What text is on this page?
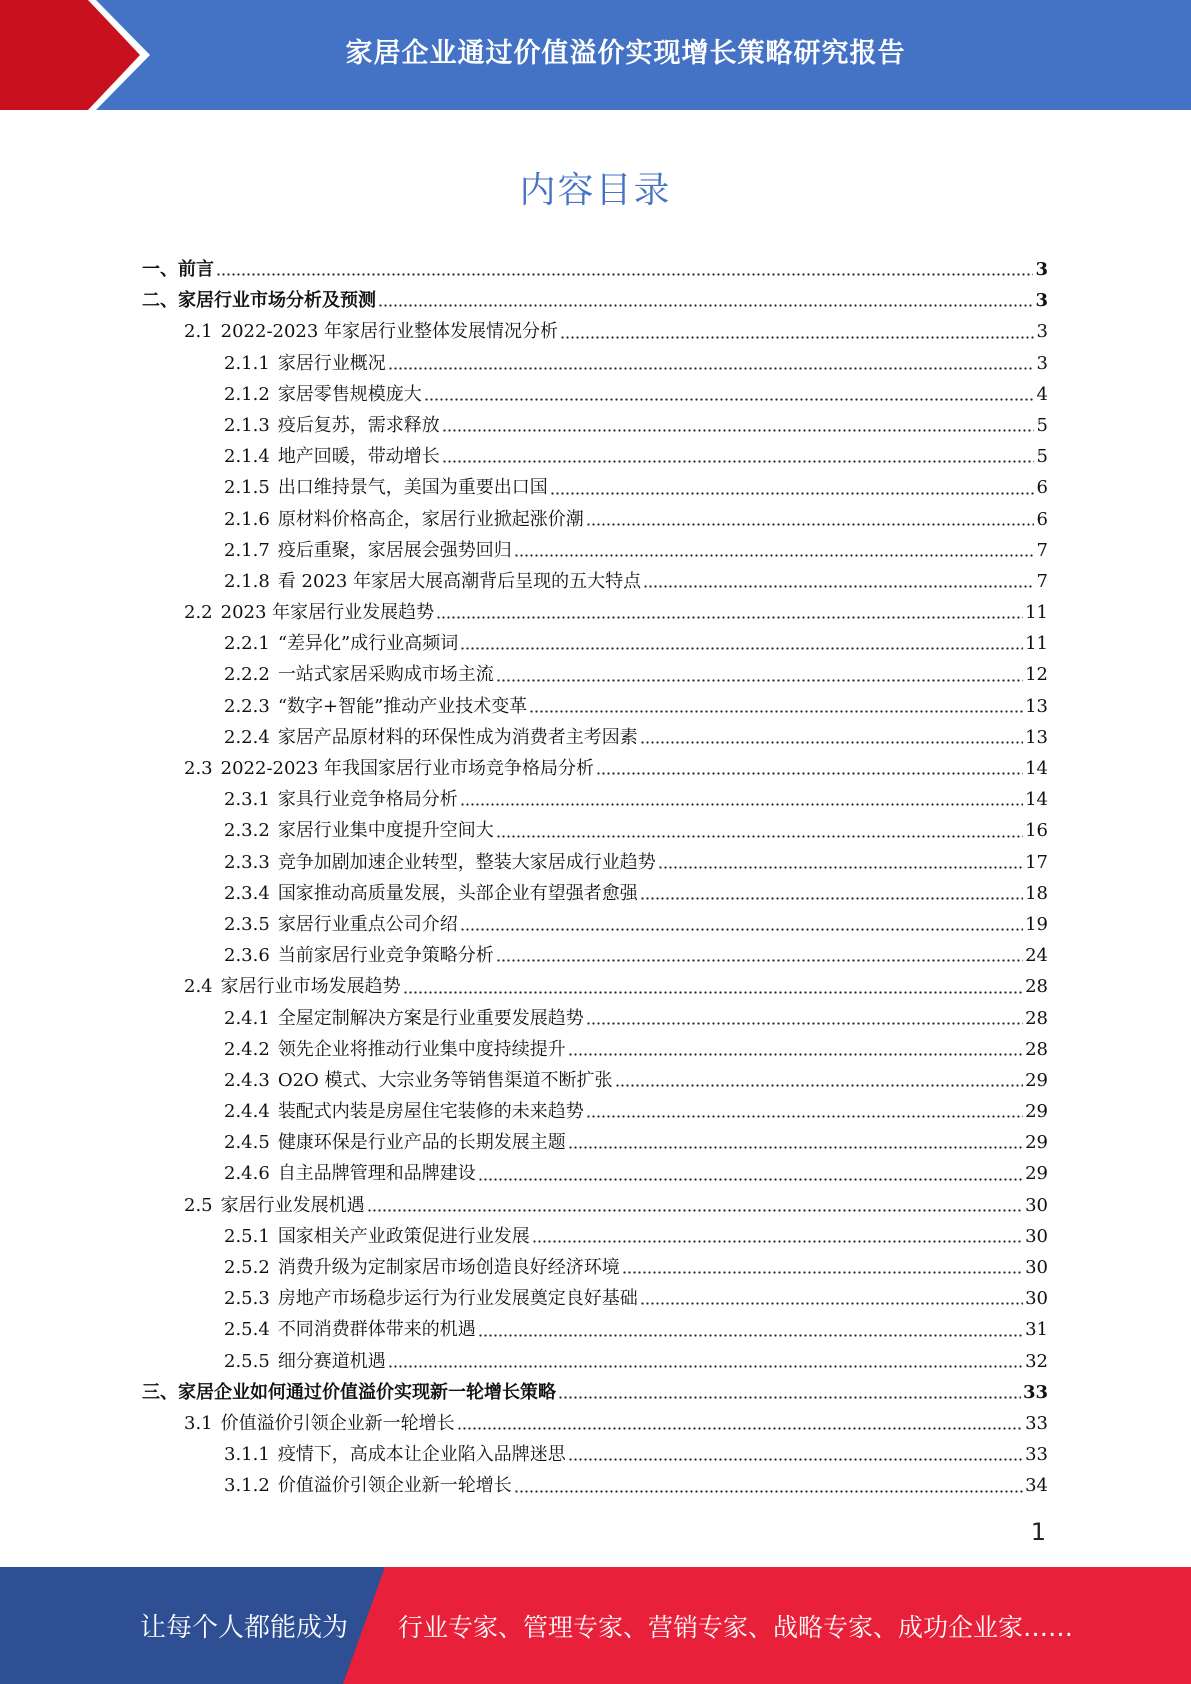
家居企业通过价值溢价实现增长策略研究报告
内容目录
一、 前言	3
二、 家居行业市场分析及预测	3
2.1 2022-2023 年家居行业整体发展情况分析	3
2.1.1 家居行业概况	3
2.1.2 家居零售规模庞大	4
2.1.3 疫后复苏，需求释放	5
2.1.4 地产回暖，带动增长	5
2.1.5 出口维持景气，美国为重要出口国	6
2.1.6 原材料价格高企，家居行业掀起涨价潮	6
2.1.7 疫后重聚，家居展会强势回归	7
2.1.8 看 2023 年家居大展高潮背后呈现的五大特点	7
2.2 2023 年家居行业发展趋势	11
2.2.1 “差异化”成行业高频词	11
2.2.2 一站式家居采购成市场主流	12
2.2.3 “数字+智能”推动产业技术变革	13
2.2.4 家居产品原材料的环保性成为消费者主考因素	13
2.3 2022-2023 年我国家居行业市场竞争格局分析	14
2.3.1 家具行业竞争格局分析	14
2.3.2 家居行业集中度提升空间大	16
2.3.3 竞争加剧加速企业转型，整装大家居成行业趋势	17
2.3.4 国家推动高质量发展，头部企业有望强者愈强	18
2.3.5 家居行业重点公司介绍	19
2.3.6 当前家居行业竞争策略分析	24
2.4 家居行业市场发展趋势	28
2.4.1 全屋定制解决方案是行业重要发展趋势	28
2.4.2 领先企业将推动行业集中度持续提升	28
2.4.3 O2O 模式、大宗业务等销售渠道不断扩张	29
2.4.4 装配式内装是房屋住宅装修的未来趋势	29
2.4.5 健康环保是行业产品的长期发展主题	29
2.4.6 自主品牌管理和品牌建设	29
2.5 家居行业发展机遇	30
2.5.1 国家相关产业政策促进行业发展	30
2.5.2 消费升级为定制家居市场创造良好经济环境	30
2.5.3 房地产市场稳步运行为行业发展奠定良好基础	30
2.5.4 不同消费群体带来的机遇	31
2.5.5 细分赛道机遇	32
三、 家居企业如何通过价值溢价实现新一轮增长策略	33
3.1 价值溢价引领企业新一轮增长	33
3.1.1 疫情下，高成本让企业陷入品牌迷思	33
3.1.2 价值溢价引领企业新一轮增长	34
1
让每个人都能成为 行业专家、管理专家、营销专家、战略专家、成功企业家……
